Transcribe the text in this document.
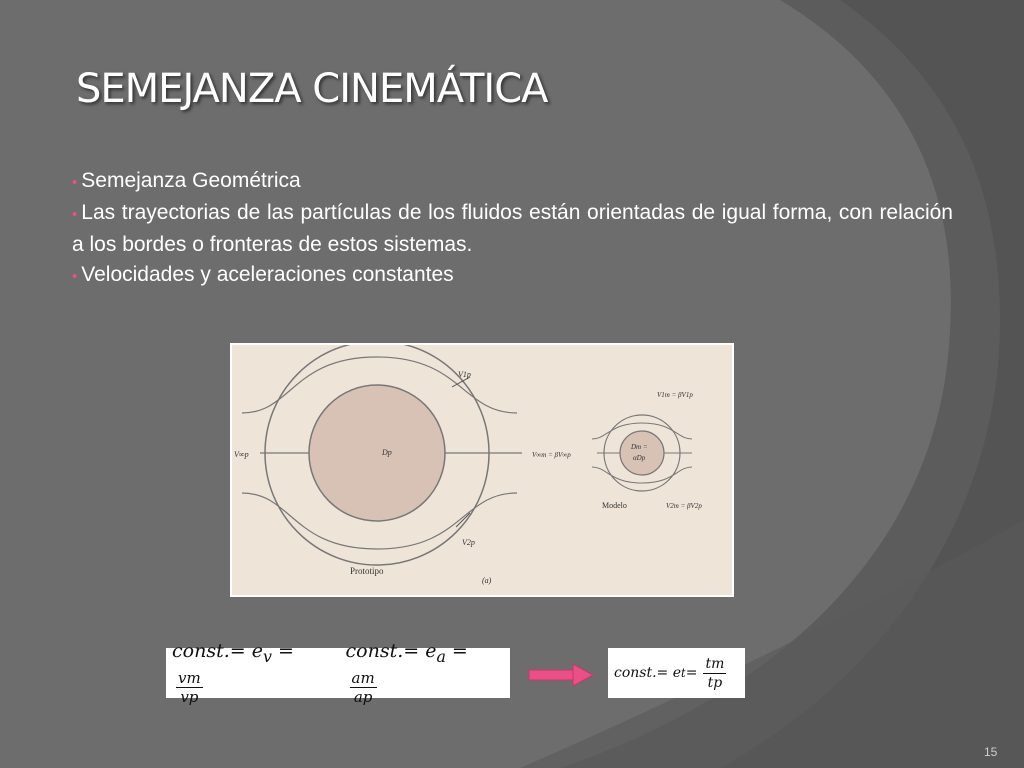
SEMEJANZA CINEMÁTICA

• Semejanza Geométrica

• Las trayectorias de las partículas de los fluidos están orientadas de igual forma, con relación a los bordes o fronteras de estos sistemas.

• Velocidades y aceleraciones constantes

V1p
V∞p	Dp
V2p
Prototipo
(a)
V∞m = βV∞p
V1m = βV1p
Dm =
αDp
Modelo	V2m = βV2p
const.= $e_v$ =
$\frac{vm}{vp}$
const.= $e_a$ =
$\frac{am}{ap}$	const.= e $t = \frac{tm}{tp}$
15
